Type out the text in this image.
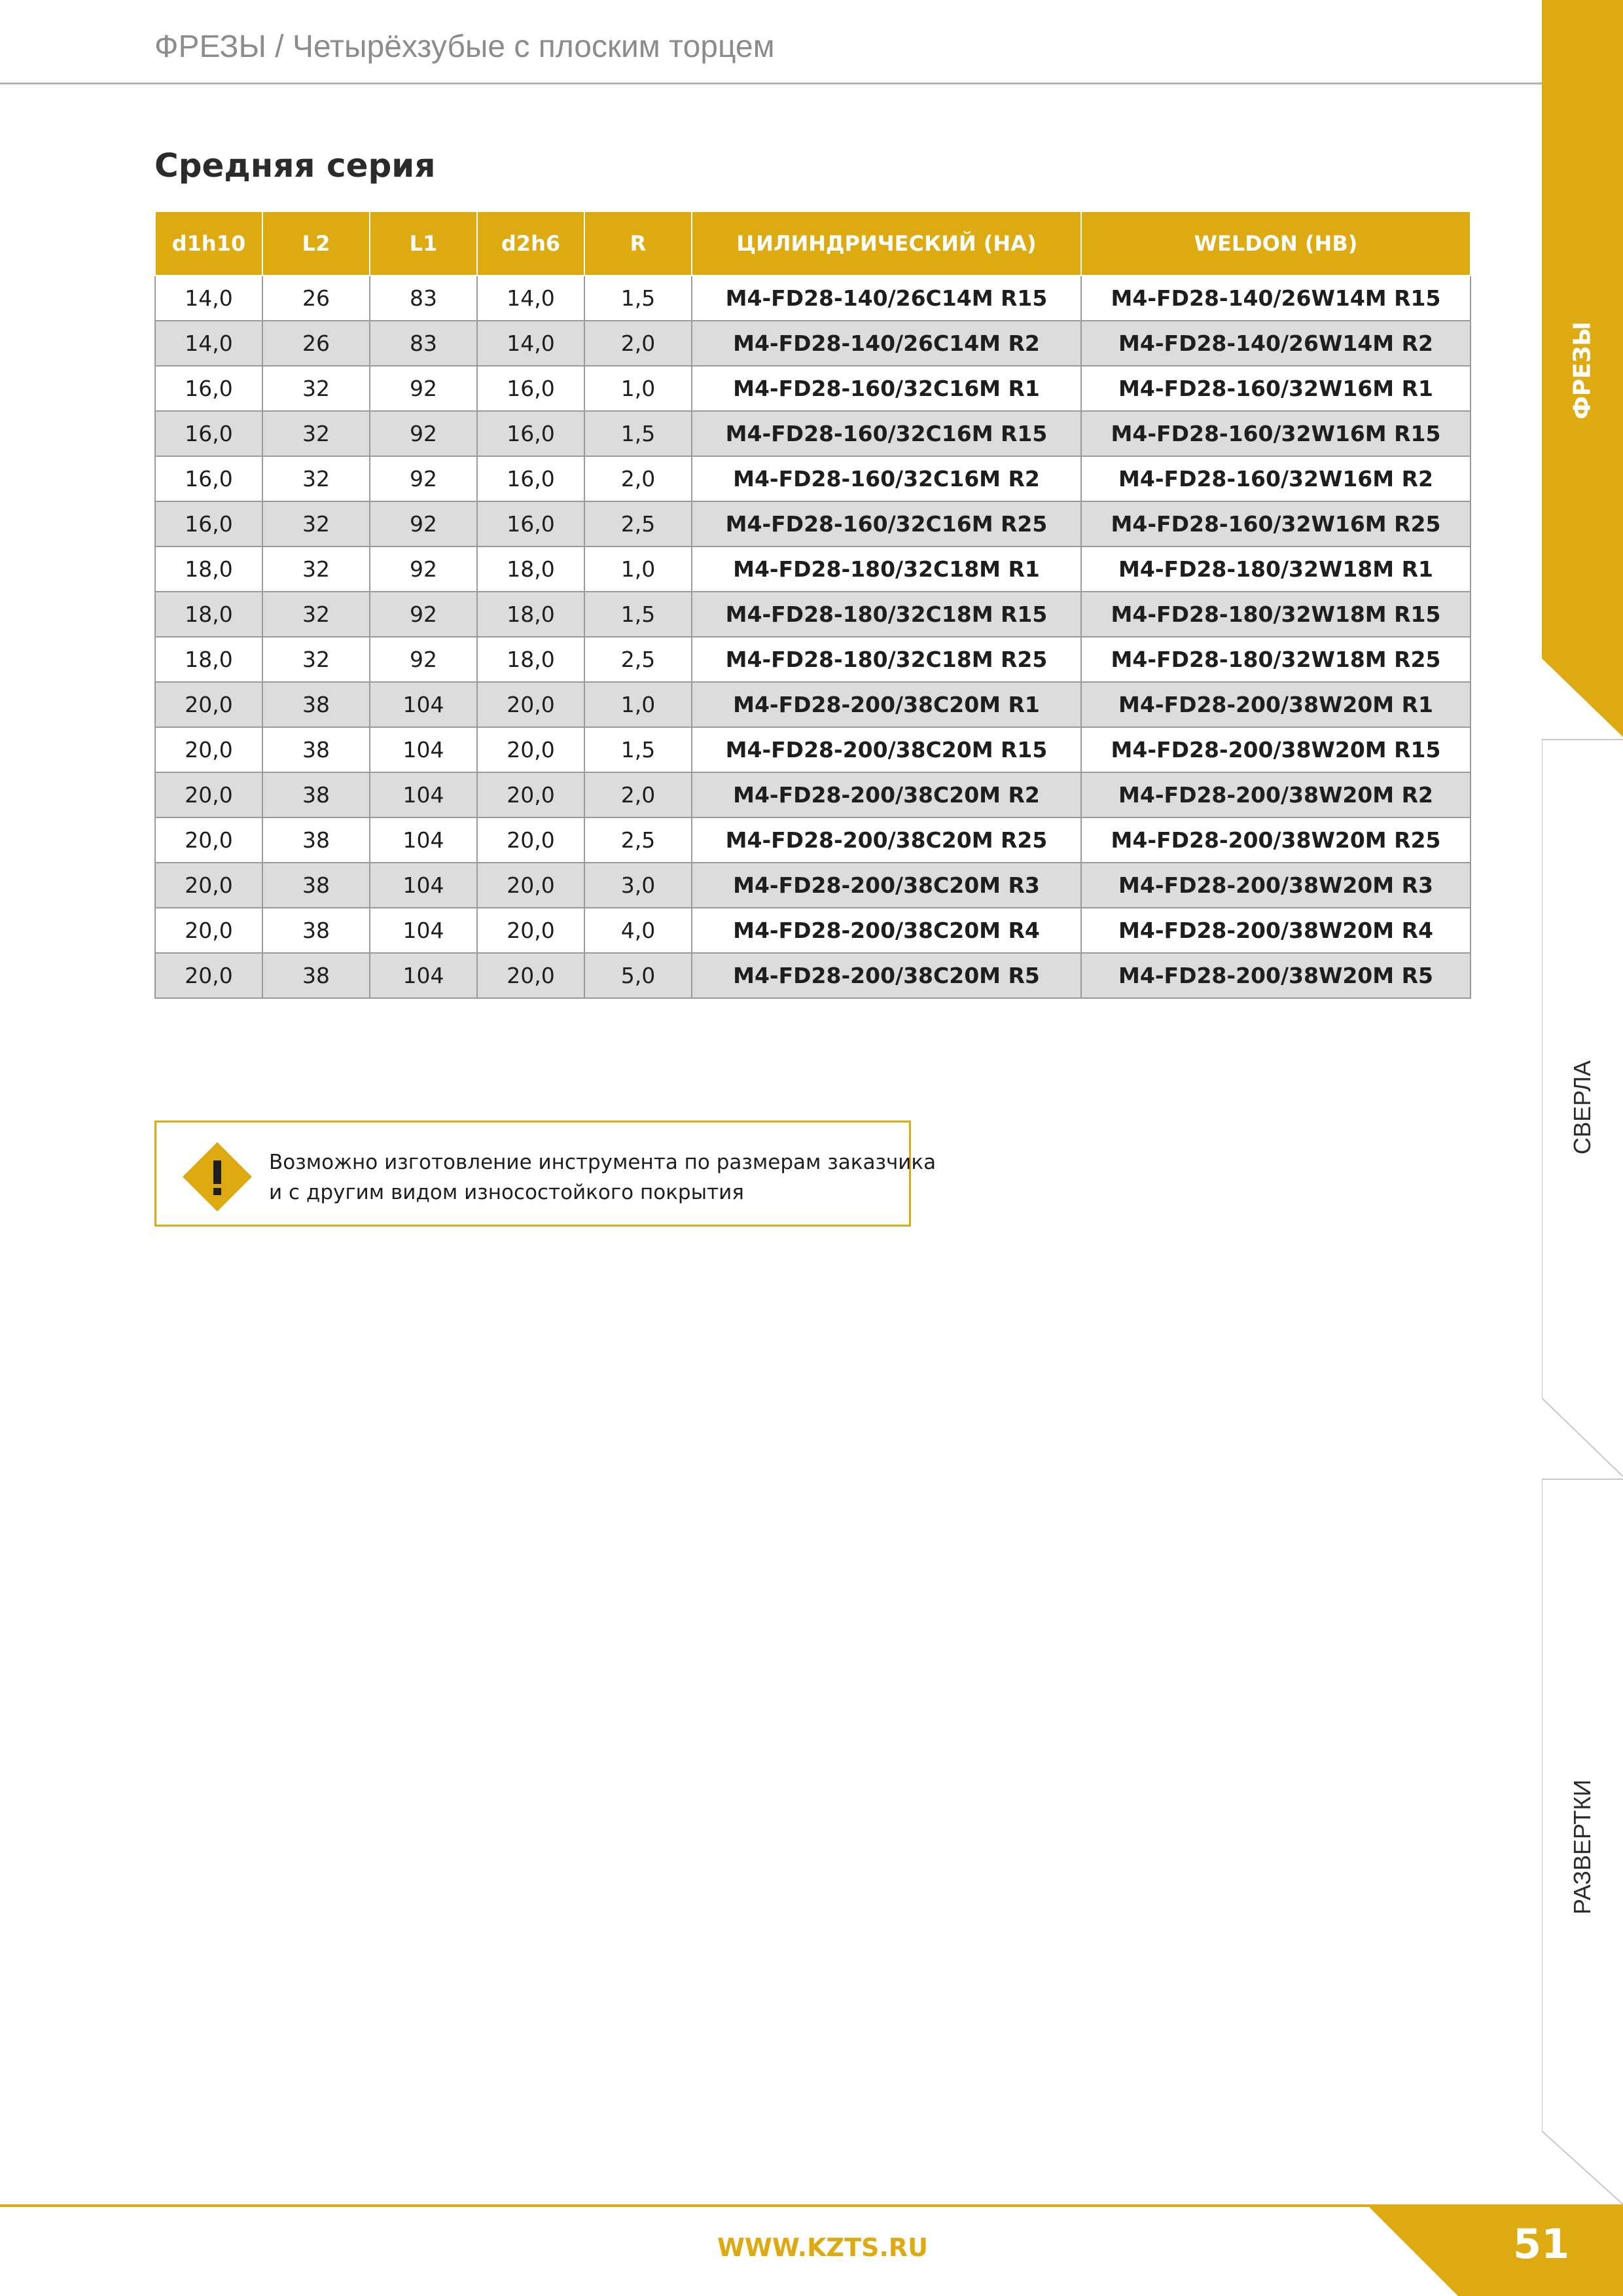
ФРЕЗЫ / Четырёхзубые с плоским торцем
ФРЕЗЫ
СВЕРЛА
РАЗВЕРТКИ
Средняя серия
d1h10	L2	L1	d2h6	R	ЦИЛИНДРИЧЕСКИЙ (НА)	WELDON (НВ)
14,0	26	83	14,0	1,5	M4-FD28-140/26C14M R15	M4-FD28-140/26W14M R15
14,0	26	83	14,0	2,0	M4-FD28-140/26C14M R2	M4-FD28-140/26W14M R2
16,0	32	92	16,0	1,0	M4-FD28-160/32C16M R1	M4-FD28-160/32W16M R1
16,0	32	92	16,0	1,5	M4-FD28-160/32C16M R15	M4-FD28-160/32W16M R15
16,0	32	92	16,0	2,0	M4-FD28-160/32C16M R2	M4-FD28-160/32W16M R2
16,0	32	92	16,0	2,5	M4-FD28-160/32C16M R25	M4-FD28-160/32W16M R25
18,0	32	92	18,0	1,0	M4-FD28-180/32C18M R1	M4-FD28-180/32W18M R1
18,0	32	92	18,0	1,5	M4-FD28-180/32C18M R15	M4-FD28-180/32W18M R15
18,0	32	92	18,0	2,5	M4-FD28-180/32C18M R25	M4-FD28-180/32W18M R25
20,0	38	104	20,0	1,0	M4-FD28-200/38C20M R1	M4-FD28-200/38W20M R1
20,0	38	104	20,0	1,5	M4-FD28-200/38C20M R15	M4-FD28-200/38W20M R15
20,0	38	104	20,0	2,0	M4-FD28-200/38C20M R2	M4-FD28-200/38W20M R2
20,0	38	104	20,0	2,5	M4-FD28-200/38C20M R25	M4-FD28-200/38W20M R25
20,0	38	104	20,0	3,0	M4-FD28-200/38C20M R3	M4-FD28-200/38W20M R3
20,0	38	104	20,0	4,0	M4-FD28-200/38C20M R4	M4-FD28-200/38W20M R4
20,0	38	104	20,0	5,0	M4-FD28-200/38C20M R5	M4-FD28-200/38W20M R5
Возможно изготовление инструмента по размерам заказчика
и с другим видом износостойкого покрытия
WWW.KZTS.RU	51
